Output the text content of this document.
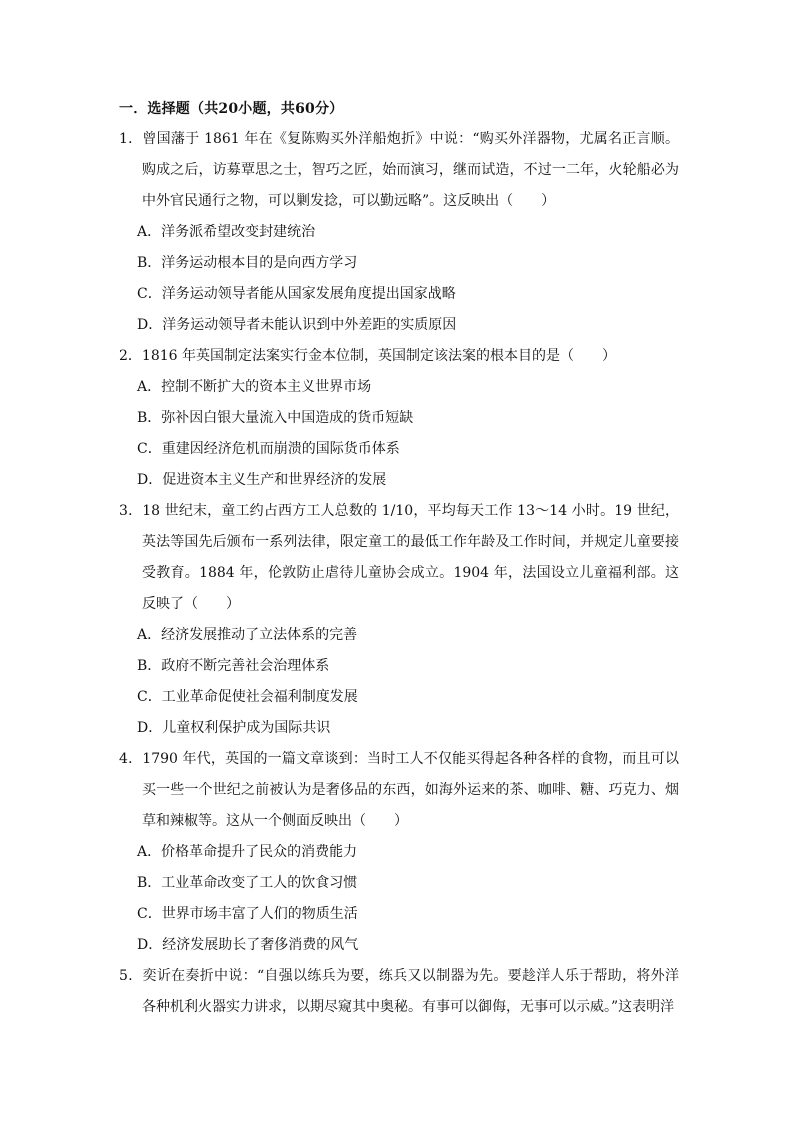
一．选择题（共20小题，共60分）

1．曾国藩于 1861 年在《复陈购买外洋船炮折》中说：“购买外洋器物，尤属名正言顺。购成之后，访募覃思之士，智巧之匠，始而演习，继而试造，不过一二年，火轮船必为中外官民通行之物，可以剿发捻，可以勤远略”。这反映出（　　）

A．洋务派希望改变封建统治
B．洋务运动根本目的是向西方学习
C．洋务运动领导者能从国家发展角度提出国家战略
D．洋务运动领导者未能认识到中外差距的实质原因

2．1816 年英国制定法案实行金本位制，英国制定该法案的根本目的是（　　）

A．控制不断扩大的资本主义世界市场
B．弥补因白银大量流入中国造成的货币短缺
C．重建因经济危机而崩溃的国际货币体系
D．促进资本主义生产和世界经济的发展

3．18 世纪末，童工约占西方工人总数的 1/10，平均每天工作 13～14 小时。19 世纪，英法等国先后颁布一系列法律，限定童工的最低工作年龄及工作时间，并规定儿童要接受教育。1884 年，伦敦防止虐待儿童协会成立。1904 年，法国设立儿童福利部。这反映了（　　）

A．经济发展推动了立法体系的完善
B．政府不断完善社会治理体系
C．工业革命促使社会福利制度发展
D．儿童权利保护成为国际共识

4．1790 年代，英国的一篇文章谈到：当时工人不仅能买得起各种各样的食物，而且可以买一些一个世纪之前被认为是奢侈品的东西，如海外运来的茶、咖啡、糖、巧克力、烟草和辣椒等。这从一个侧面反映出（　　）

A．价格革命提升了民众的消费能力
B．工业革命改变了工人的饮食习惯
C．世界市场丰富了人们的物质生活
D．经济发展助长了奢侈消费的风气

5．奕䜣在奏折中说：“自强以练兵为要，练兵又以制器为先。要趁洋人乐于帮助，将外洋各种机利火器实力讲求，以期尽窥其中奥秘。有事可以御侮，无事可以示威。”这表明洋
